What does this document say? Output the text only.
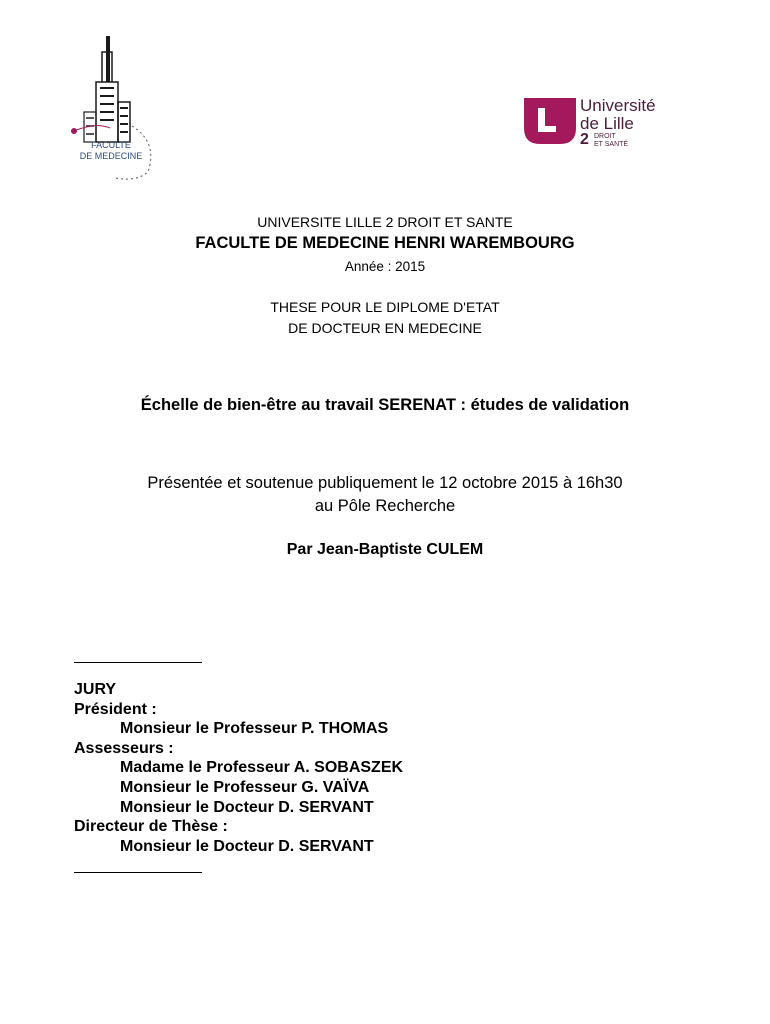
FACULTE
DE MEDECINE
Université
de Lille
2 DROIT
ET SANTÉ
UNIVERSITE LILLE 2 DROIT ET SANTE
FACULTE DE MEDECINE HENRI WAREMBOURG
Année : 2015
THESE POUR LE DIPLOME D'ETAT
DE DOCTEUR EN MEDECINE
Échelle de bien-être au travail SERENAT : études de validation
Présentée et soutenue publiquement le 12 octobre 2015 à 16h30
au Pôle Recherche
Par Jean-Baptiste CULEM
JURY
Président :
Monsieur le Professeur P. THOMAS
Assesseurs :
Madame le Professeur A. SOBASZEK
Monsieur le Professeur G. VAÏVA
Monsieur le Docteur D. SERVANT
Directeur de Thèse :
Monsieur le Docteur D. SERVANT
